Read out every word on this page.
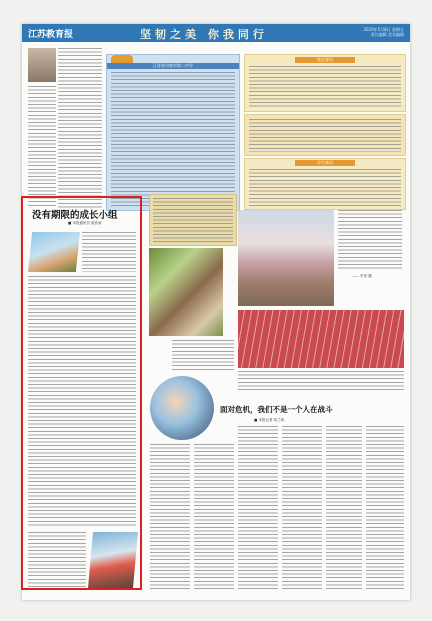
江苏教育报	坚韧之美 你我同行	2020年5月8日 星期五
责任编辑 美术编辑
江苏省句容市第二中学
校长寄语
学生寄语
没有期限的成长小组
■ 本报通讯员 崔欣雨
—— 朱荣 摄
面对危机，我们不是一个人在战斗
■ 本报记者 刘兰琪
